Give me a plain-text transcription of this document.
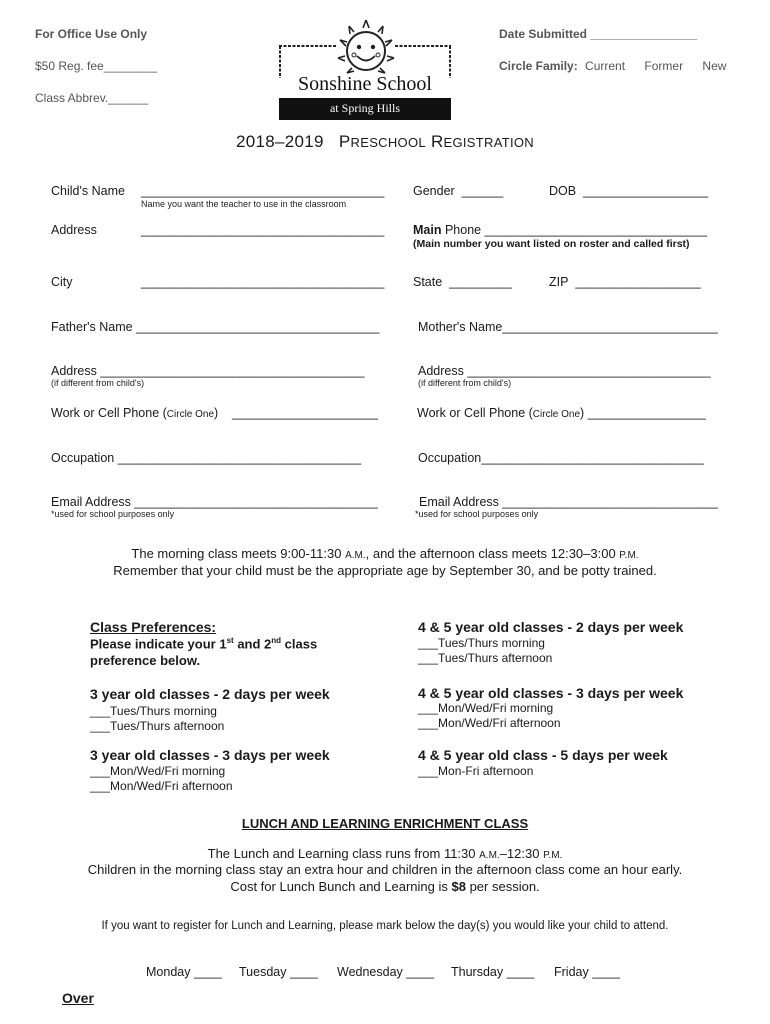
For Office Use Only
$50 Reg. fee________
Class Abbrev.______
Date Submitted ________________
Circle Family: Current Former New
Sonshine School
at Spring Hills
2018–2019 PRESCHOOL REGISTRATION
Child's Name ___________________________________
Name you want the teacher to use in the classroom
Gender ______	DOB __________________
Address	___________________________________ Main Phone ________________________________
(Main number you want listed on roster and called first)
City	___________________________________ State _________	ZIP __________________
Father's Name ___________________________________	Mother's Name_______________________________
Address ______________________________________
(if different from child's)
Address ___________________________________
(if different from child's)
Work or Cell Phone (Circle One) _____________________	Work or Cell Phone (Circle One) _________________
Occupation ___________________________________	Occupation________________________________
Email Address ___________________________________
*used for school purposes only
Email Address _______________________________
*used for school purposes only
The morning class meets 9:00-11:30 A.M., and the afternoon class meets 12:30–3:00 P.M.
Remember that your child must be the appropriate age by September 30, and be potty trained.
Class Preferences:
Please indicate your 1st and 2nd class
preference below.
3 year old classes - 2 days per week
___Tues/Thurs morning
___Tues/Thurs afternoon
3 year old classes - 3 days per week
___Mon/Wed/Fri morning
___Mon/Wed/Fri afternoon
4 & 5 year old classes - 2 days per week
___Tues/Thurs morning
___Tues/Thurs afternoon
4 & 5 year old classes - 3 days per week
___Mon/Wed/Fri morning
___Mon/Wed/Fri afternoon
4 & 5 year old class - 5 days per week
___Mon-Fri afternoon
LUNCH AND LEARNING ENRICHMENT CLASS
The Lunch and Learning class runs from 11:30 A.M.–12:30 P.M.
Children in the morning class stay an extra hour and children in the afternoon class come an hour early.
Cost for Lunch Bunch and Learning is $8 per session.
If you want to register for Lunch and Learning, please mark below the day(s) you would like your child to attend.
Monday ____ Tuesday ____ Wednesday ____ Thursday ____ Friday ____
Over
